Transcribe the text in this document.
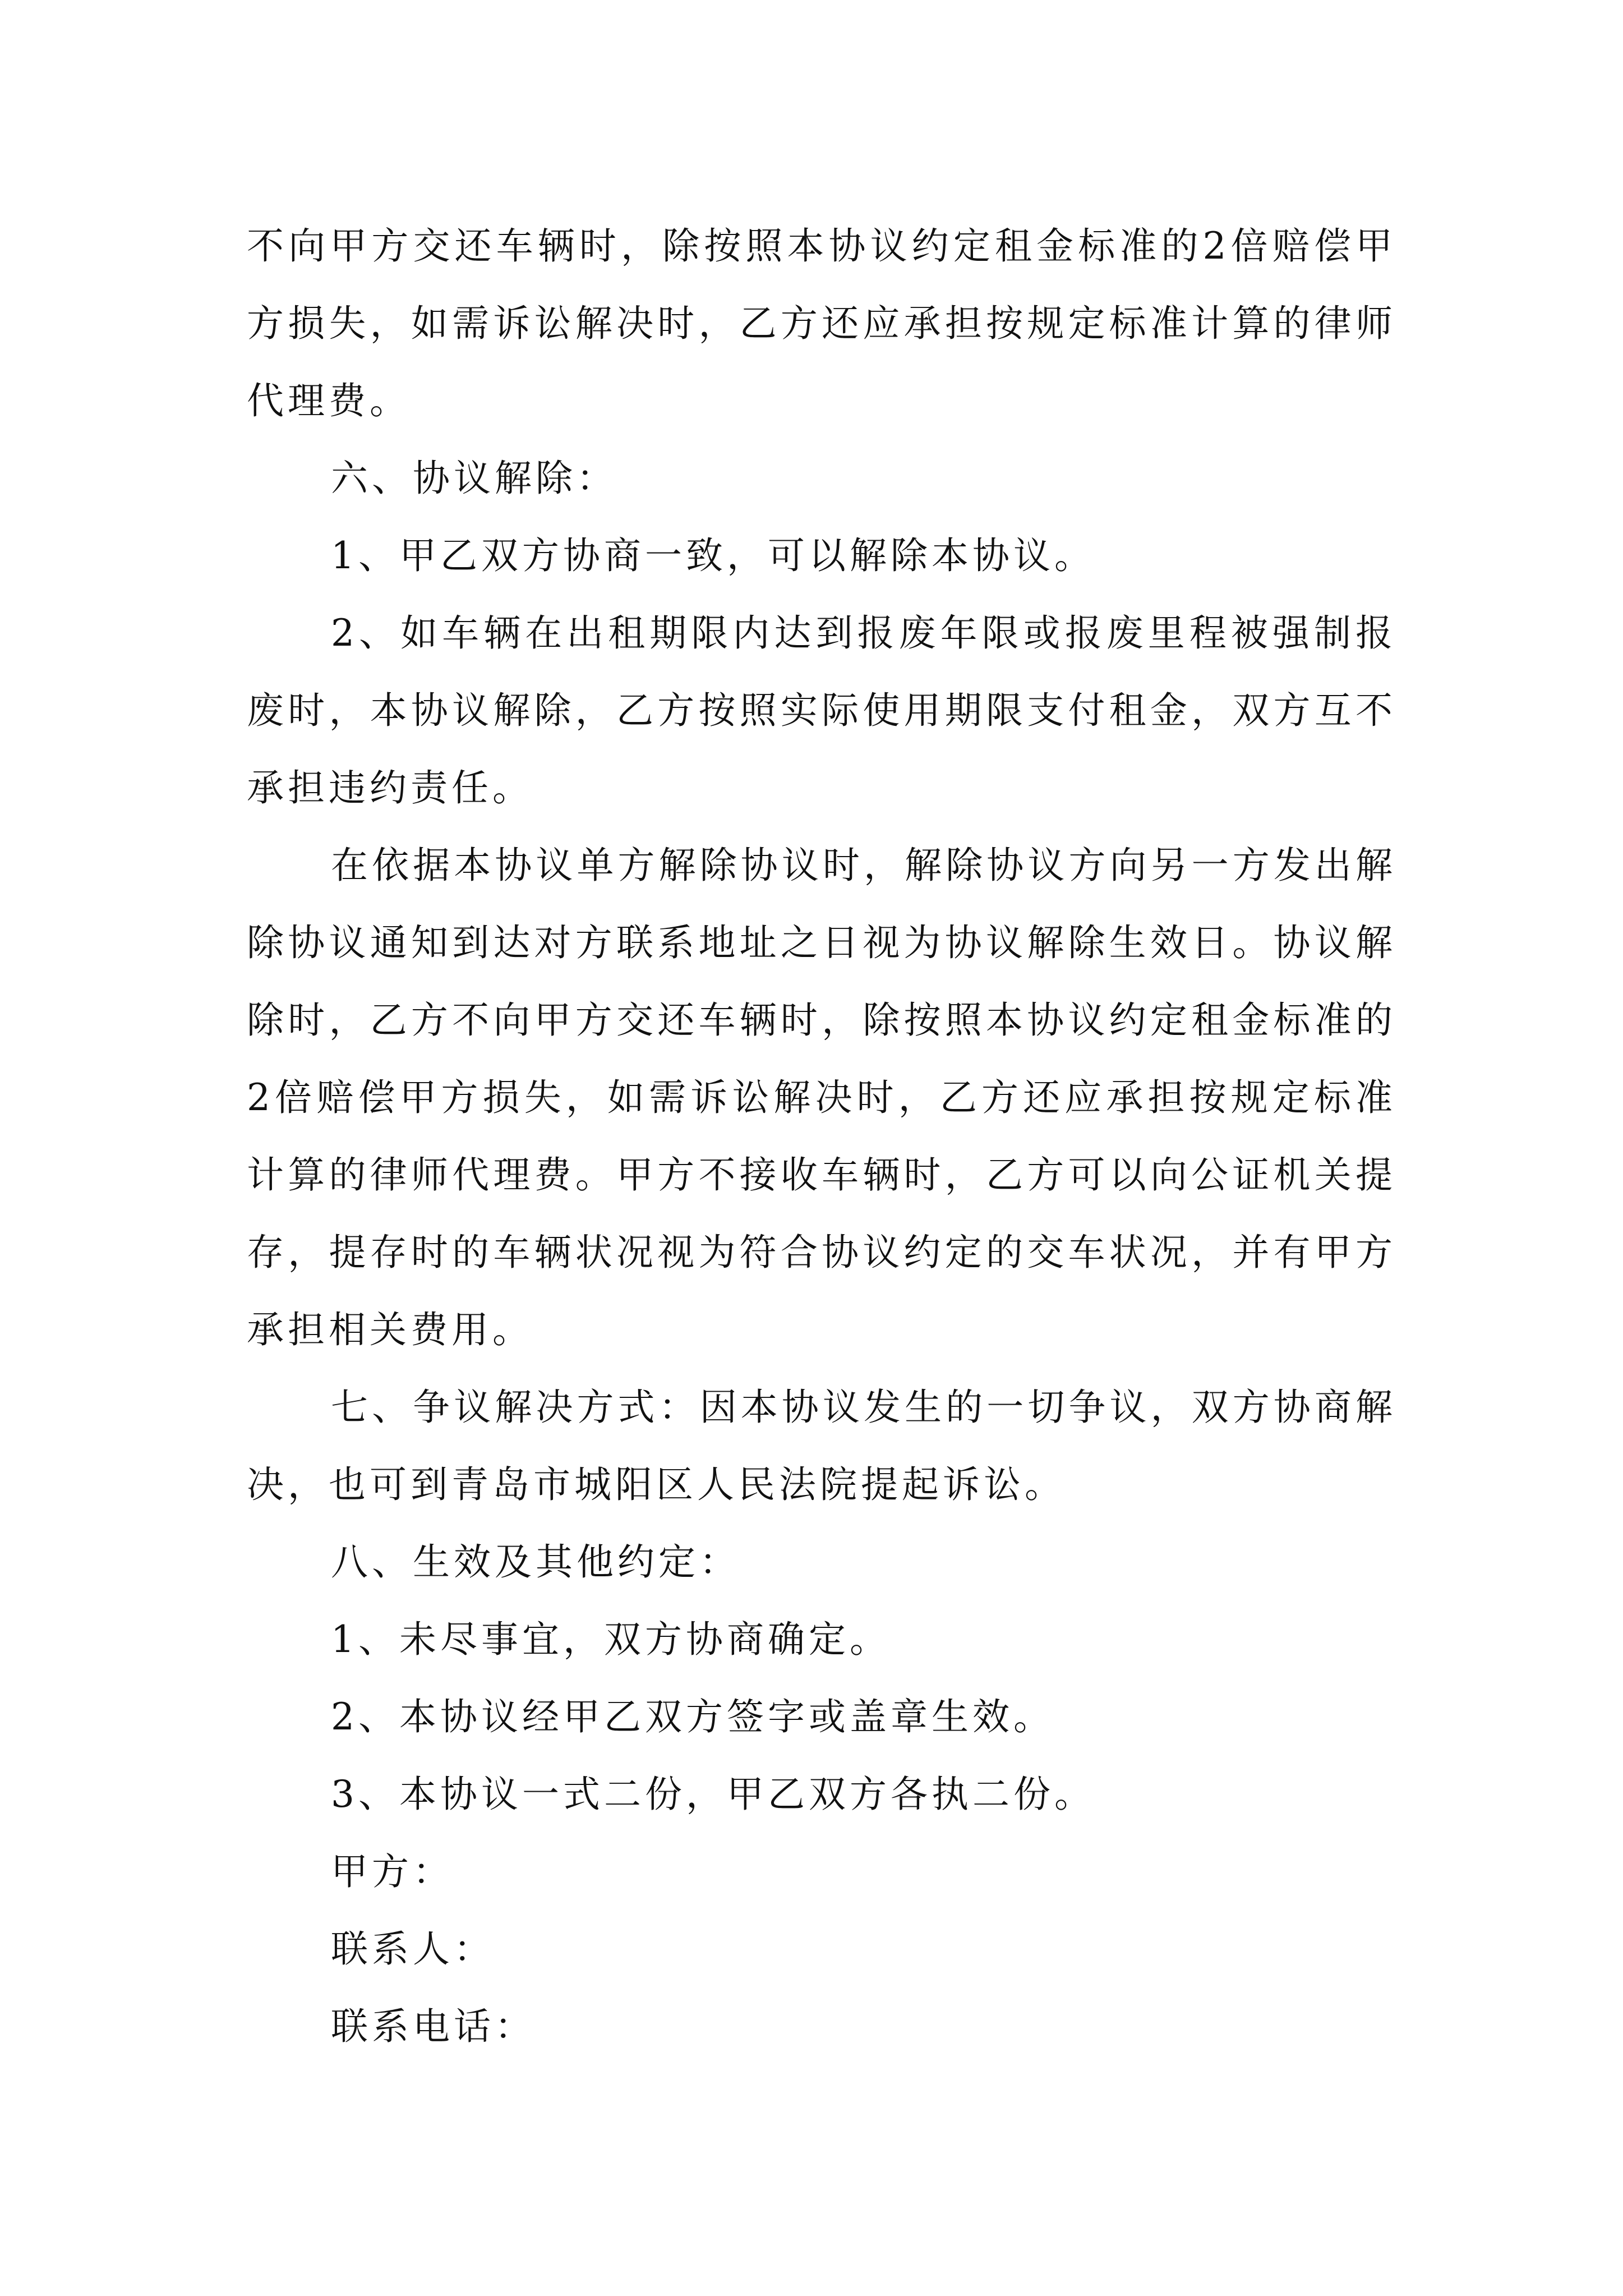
不向甲方交还车辆时，除按照本协议约定租金标准的2倍赔偿甲方损失，如需诉讼解决时，乙方还应承担按规定标准计算的律师代理费。

六、协议解除：

1、甲乙双方协商一致，可以解除本协议。

2、如车辆在出租期限内达到报废年限或报废里程被强制报废时，本协议解除，乙方按照实际使用期限支付租金，双方互不承担违约责任。

在依据本协议单方解除协议时，解除协议方向另一方发出解除协议通知到达对方联系地址之日视为协议解除生效日。协议解除时，乙方不向甲方交还车辆时，除按照本协议约定租金标准的2倍赔偿甲方损失，如需诉讼解决时，乙方还应承担按规定标准计算的律师代理费。甲方不接收车辆时，乙方可以向公证机关提存，提存时的车辆状况视为符合协议约定的交车状况，并有甲方承担相关费用。

七、争议解决方式：因本协议发生的一切争议，双方协商解决，也可到青岛市城阳区人民法院提起诉讼。

八、生效及其他约定：

1、未尽事宜，双方协商确定。

2、本协议经甲乙双方签字或盖章生效。

3、本协议一式二份，甲乙双方各执二份。

甲方：

联系人：

联系电话：
